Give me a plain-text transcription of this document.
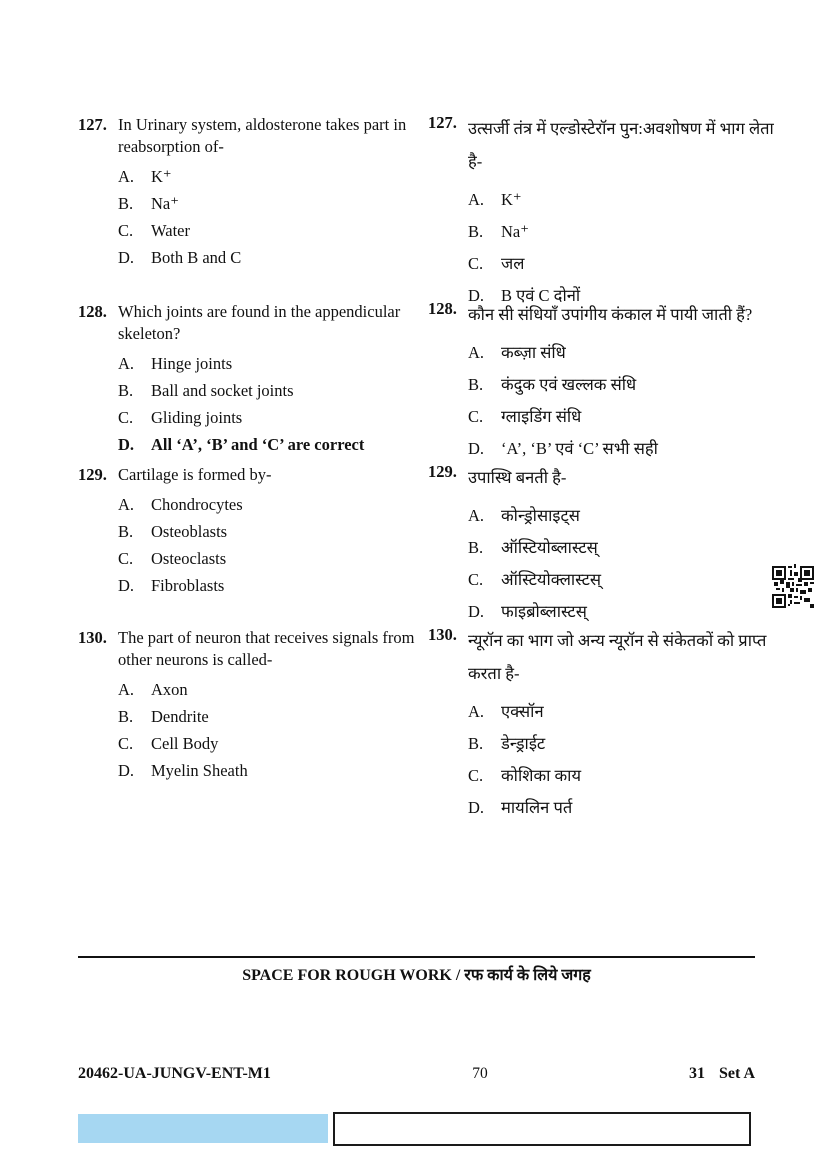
127. In Urinary system, aldosterone takes part in reabsorption of-
A.	K⁺
B.	Na⁺
C.	Water
D.	Both B and C
128. Which joints are found in the appendicular skeleton?
A.	Hinge joints
B.	Ball and socket joints
C.	Gliding joints
D.	All ‘A’, ‘B’ and ‘C’ are correct
129. Cartilage is formed by-
A.	Chondrocytes
B.	Osteoblasts
C.	Osteoclasts
D.	Fibroblasts
130. The part of neuron that receives signals from other neurons is called-
A.	Axon
B.	Dendrite
C.	Cell Body
D.	Myelin Sheath
127. उत्सर्जी तंत्र में एल्डोस्टेरॉन पुन:अवशोषण में भाग लेता है-
A.	K⁺
B.	Na⁺
C.	जल
D.	B एवं C दोनों
128. कौन सी संधियाँ उपांगीय कंकाल में पायी जाती हैं?
A.	कब्ज़ा संधि
B.	कंदुक एवं खल्लक संधि
C.	ग्लाइडिंग संधि
D.	‘A’, ‘B’ एवं ‘C’ सभी सही
129. उपास्थि बनती है-
A.	कोन्ड्रोसाइट्स
B.	ऑस्टियोब्लास्टस्
C.	ऑस्टियोक्लास्टस्
D.	फाइब्रोब्लास्टस्
130. न्यूरॉन का भाग जो अन्य न्यूरॉन से संकेतकों को प्राप्त करता है-
A.	एक्सॉन
B.	डेन्ड्राईट
C.	कोशिका काय
D.	मायलिन पर्त
SPACE FOR ROUGH WORK / रफ कार्य के लिये जगह
20462-UA-JUNGV-ENT-M1	70	31 Set A
